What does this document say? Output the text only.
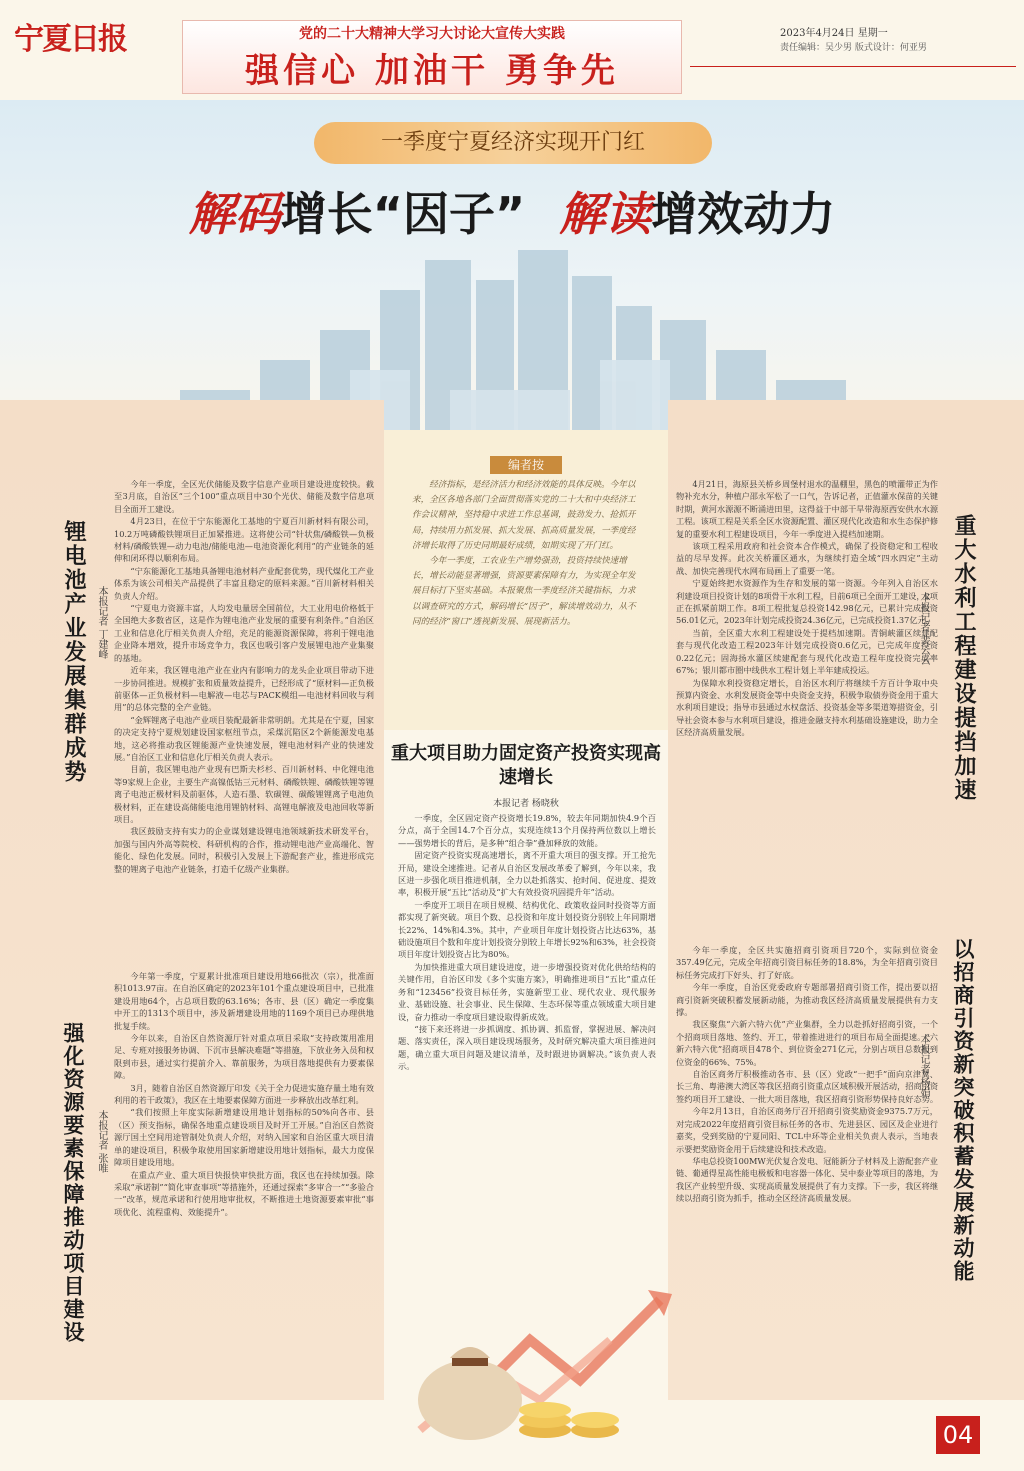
宁夏日报	党的二十大精神大学习大讨论大宣传大实践
强信心 加油干 勇争先
2023年4月24日 星期一
责任编辑：吴少男 版式设计：何亚男
一季度宁夏经济实现开门红
解码增长“因子” 解读增效动力
编者按

经济指标，是经济活力和经济效能的具体反映。今年以来，全区各地各部门全面贯彻落实党的二十大和中央经济工作会议精神，坚持稳中求进工作总基调，鼓劲发力、抢抓开局，持续用力抓发展、抓大发展、抓高质量发展，一季度经济增长取得了历史同期最好成绩，如期实现了开门红。

今年一季度，工农业生产增势强劲，投资持续快速增长，增长动能显著增强，资源要素保障有力，为实现全年发展目标打下坚实基础。本报聚焦一季度经济关键指标，力求以调查研究的方式，解码增长“因子”，解读增效动力，从不同的经济“窗口”透视新发展、展现新活力。

锂电池产业发展集群成势	本报记者 丁建峰

今年一季度，全区光伏储能及数字信息产业项目建设进度较快。截至3月底，自治区“三个100”重点项目中30个光伏、储能及数字信息项目全面开工建设。

4月23日，在位于宁东能源化工基地的宁夏百川新材料有限公司，10.2万吨磷酸铁锂项目正加紧推进。这将使公司“针状焦/磷酸铁—负极材料/磷酸铁锂—动力电池/储能电池—电池资源化利用”的产业链条的延伸和闭环得以顺利布局。

“宁东能源化工基地具备锂电池材料产业配套优势，现代煤化工产业体系为该公司相关产品提供了丰富且稳定的原料来源。”百川新材料相关负责人介绍。

“宁夏电力资源丰富，人均发电量居全国前位，大工业用电价格低于全国绝大多数省区，这是作为锂电池产业发展的重要有利条件。”自治区工业和信息化厅相关负责人介绍，充足的能源资源保障，将利于锂电池企业降本增效，提升市场竞争力，我区也吸引客户发展锂电池产业集聚的基地。

近年来，我区锂电池产业在业内有影响力的龙头企业项目带动下进一步协同推进。规模扩张和质量效益提升，已经形成了“原材料—正负极前驱体—正负极材料—电解液—电芯与PACK模组—电池材料回收与利用”的总体完整的全产业链。

“金辉锂离子电池产业项目装配最新非常明朗。尤其是在宁夏，国家的决定支持宁夏规划建设国家枢纽节点，采煤沉陷区2个新能源发电基地，这必将推动我区锂能源产业快速发展，锂电池材料产业的快速发展。”自治区工业和信息化厅相关负责人表示。

目前，我区锂电池产业现有巴斯夫杉杉、百川新材料、中化锂电池等9家规上企业，主要生产高镍低钴三元材料、磷酸铁锂、磷酸铁锂等锂离子电池正极材料及前驱体，人造石墨、软碳锂、碳酸锂锂离子电池负极材料，正在建设高储能电池用锂钠材料、高锂电解液及电池回收等新项目。

我区鼓励支持有实力的企业谋划建设锂电池领域新技术研发平台，加强与国内外高等院校、科研机构的合作，推动锂电池产业高端化、智能化、绿色化发展。同时，积极引入发展上下游配套产业，推进形成完整的锂离子电池产业链条，打造千亿级产业集群。

强化资源要素保障推动项目建设	本报记者 张唯

今年第一季度，宁夏累计批准项目建设用地66批次（宗），批准面积1013.97亩。在自治区确定的2023年101个重点建设项目中，已批准建设用地64个，占总项目数的63.16%；各市、县（区）确定一季度集中开工的1313个项目中，涉及新增建设用地的1169个项目已办理供地批复手续。

今年以来，自治区自然资源厅针对重点项目采取“支持政策用准用足、专班对接服务协调、下沉市县解决难题”等措施，下放业务入员和权限到市县，通过实行提前介入、靠前服务，为项目落地提供有力要素保障。

3月，随着自治区自然资源厅印发《关于全力促进实施存量土地有效利用的若干政策》，我区在土地要素保障方面进一步释放出改革红利。

“我们按照上年度实际新增建设用地计划指标的50%向各市、县（区）预支指标，确保各地重点建设项目及时开工开展。”自治区自然资源厅国土空间用途管制处负责人介绍，对纳入国家和自治区重大项目清单的建设项目，积极争取使用国家新增建设用地计划指标，最大力度保障项目建设用地。

在重点产业、重大项目快报快审快批方面，我区也在持续加强。除采取“承诺制”“简化审查事项”等措施外，还通过探索“多审合一”“多验合一”改革，规范承诺和行使用地审批权，不断推进土地资源要素审批“事项优化、流程重构、效能提升”。

重大项目助力固定资产投资实现高速增长
本报记者 杨晓秋

一季度，全区固定资产投资增长19.8%，较去年同期加快4.9个百分点，高于全国14.7个百分点，实现连续13个月保持两位数以上增长——强势增长的背后，是多种“组合拳”叠加释放的效能。

固定资产投资实现高速增长，离不开重大项目的强支撑。开工抢先开局，建设全速推进。记者从自治区发展改革委了解到，今年以来，我区进一步强化项目推进机制，全力以赴抓落实、抢时间、促进度、提效率，积极开展“五比”活动及“扩大有效投资巩固提升年”活动。

一季度开工项目在项目规模、结构优化、政策收益同时投资等方面都实现了新突破。项目个数、总投资和年度计划投资分别较上年同期增长22%、14%和4.3%。其中，产业项目年度计划投资占比达63%，基础设施项目个数和年度计划投资分别较上年增长92%和63%，社会投资项目年度计划投资占比为80%。

为加快推进重大项目建设进度，进一步增强投资对优化供给结构的关键作用，自治区印发《多个实施方案》，明确推进项目“五比”重点任务和“123456”投资目标任务，实施新型工业、现代农业、现代服务业、基础设施、社会事业、民生保障、生态环保等重点领域重大项目建设，奋力推动一季度项目建设取得新成效。

“接下来还将进一步抓调度、抓协调、抓监督，掌握进展、解决问题、落实责任，深入项目建设现场服务，及时研究解决重大项目推进问题，确立重大项目问题及建议清单，及时跟进协调解决。”该负责人表示。

4月21日，海原县关桥乡周堡村退水的温棚里，黑色的喷灌带正为作物补充水分，种植户邵永军松了一口气，告诉记者，正值灌水保苗的关键时期，黄河水源源不断涌进田里，这得益于中部干旱带海原西安供水水源工程。该项工程是关系全区水资源配置、灌区现代化改造和水生态保护修复的重要水利工程建设项目，今年一季度进入提档加速期。

该项工程采用政府和社会资本合作模式，确保了投资稳定和工程收益的尽早发挥。此次关桥灌区通水，为继续打造全域“四水四定”主动战、加快完善现代水网布局画上了重要一笔。

宁夏始终把水资源作为生存和发展的第一资源。今年列入自治区水利建设项目投资计划的8项骨干水利工程，目前6项已全面开工建设，2项正在抓紧前期工作。8项工程批复总投资142.98亿元，已累计完成投资56.01亿元，2023年计划完成投资24.36亿元，已完成投资1.37亿元。

当前，全区重大水利工程建设处于提档加速期。青铜峡灌区续建配套与现代化改造工程2023年计划完成投资0.6亿元，已完成年度投资0.22亿元；固海扬水灌区续建配套与现代化改造工程年度投资完成率67%；银川都市圈中线供水工程计划上半年建成投运。

为保障水利投资稳定增长，自治区水利厅将继续千方百计争取中央预算内资金、水利发展资金等中央资金支持，积极争取债券资金用于重大水利项目建设；指导市县通过水权盘活、投资基金等多渠道筹措资金，引导社会资本参与水利项目建设，推进金融支持水利基础设施建设，助力全区经济高质量发展。	重大水利工程建设提挡加速
本报记者 裴云云

今年一季度，全区共实施招商引资项目720个，实际到位资金357.49亿元，完成全年招商引资目标任务的18.8%，为全年招商引资目标任务完成打下好头、打了好底。

今年一季度，自治区党委政府专题部署招商引资工作，提出要以招商引资新突破积蓄发展新动能，为推动我区经济高质量发展提供有力支撑。

我区聚焦“六新六特六优”产业集群，全力以赴抓好招商引资，一个个招商项目落地、签约、开工，带着推进进行的项目布局全面提速。“六新六特六优”招商项目478个、到位资金271亿元，分别占项目总数和到位资金的66%、75%。

自治区商务厅积极推动各市、县（区）党政“一把手”面向京津冀、长三角、粤港澳大湾区等我区招商引资重点区域积极开展活动，招商引资签约项目开工建设、一批大项目落地，我区招商引资形势保持良好态势。

今年2月13日，自治区商务厅召开招商引资奖励资金9375.7万元，对完成2022年度招商引资目标任务的各市、先进县区、园区及企业进行嘉奖，受到奖励的宁夏同阳、TCL中环等企业相关负责人表示，当地表示要把奖励资金用于后续建设和技术改造。

华电总投资100MW光伏复合发电、冠能新分子材料及上游配套产业链、葡通得星高性能电极板和电容器一体化、吴中泰业等项目的落地，为我区产业转型升级、实现高质量发展提供了有力支撑。下一步，我区将继续以招商引资为抓手，推动全区经济高质量发展。	以招商引资新突破积蓄发展新动能
本报记者 杨娟
04
